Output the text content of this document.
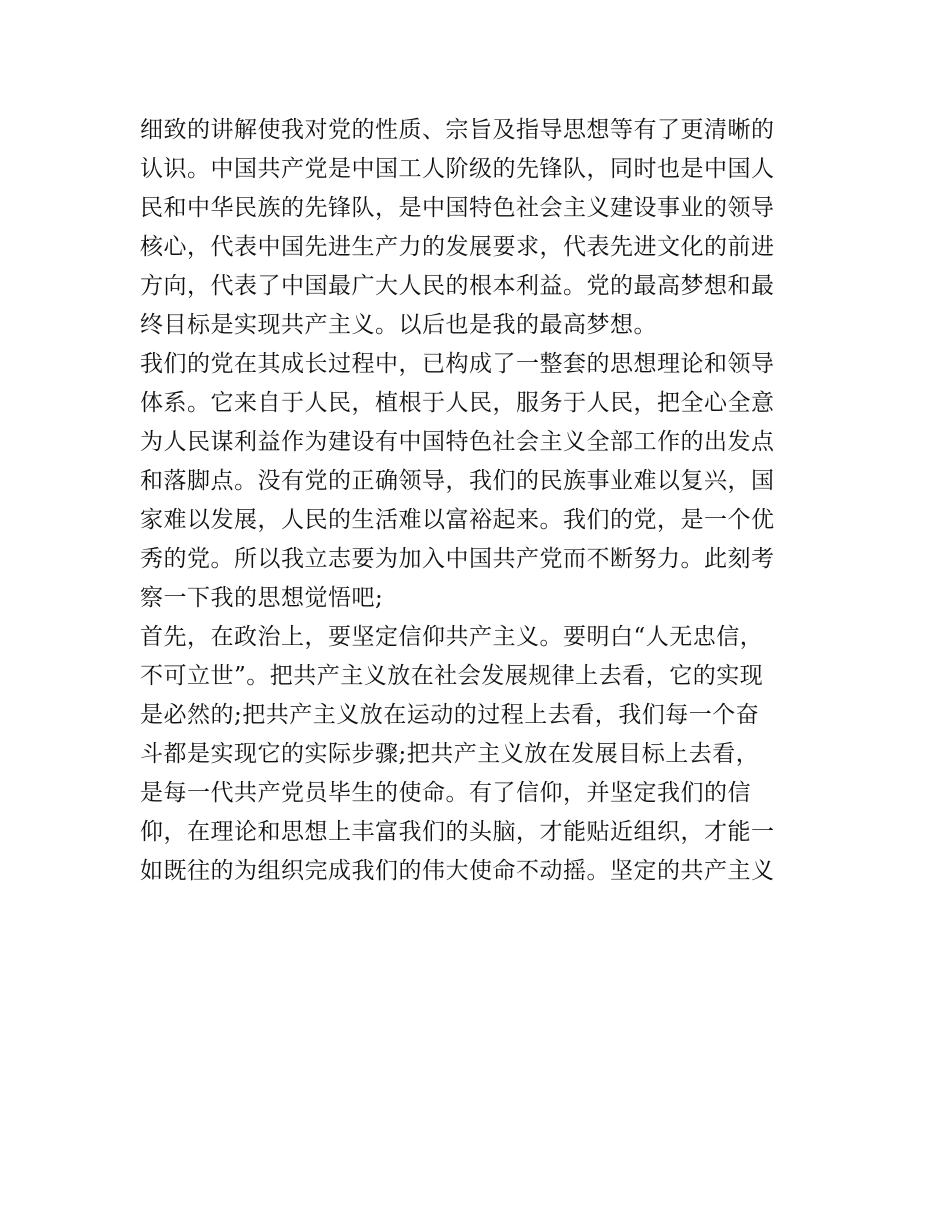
细致的讲解使我对党的性质、宗旨及指导思想等有了更清晰的
认识。中国共产党是中国工人阶级的先锋队，同时也是中国人
民和中华民族的先锋队，是中国特色社会主义建设事业的领导
核心，代表中国先进生产力的发展要求，代表先进文化的前进
方向，代表了中国最广大人民的根本利益。党的最高梦想和最
终目标是实现共产主义。以后也是我的最高梦想。
我们的党在其成长过程中，已构成了一整套的思想理论和领导
体系。它来自于人民，植根于人民，服务于人民，把全心全意
为人民谋利益作为建设有中国特色社会主义全部工作的出发点
和落脚点。没有党的正确领导，我们的民族事业难以复兴，国
家难以发展，人民的生活难以富裕起来。我们的党，是一个优
秀的党。所以我立志要为加入中国共产党而不断努力。此刻考
察一下我的思想觉悟吧;
首先，在政治上，要坚定信仰共产主义。要明白“人无忠信，
不可立世”。把共产主义放在社会发展规律上去看，它的实现
是必然的;把共产主义放在运动的过程上去看，我们每一个奋
斗都是实现它的实际步骤;把共产主义放在发展目标上去看，
是每一代共产党员毕生的使命。有了信仰，并坚定我们的信
仰，在理论和思想上丰富我们的头脑，才能贴近组织，才能一
如既往的为组织完成我们的伟大使命不动摇。坚定的共产主义
